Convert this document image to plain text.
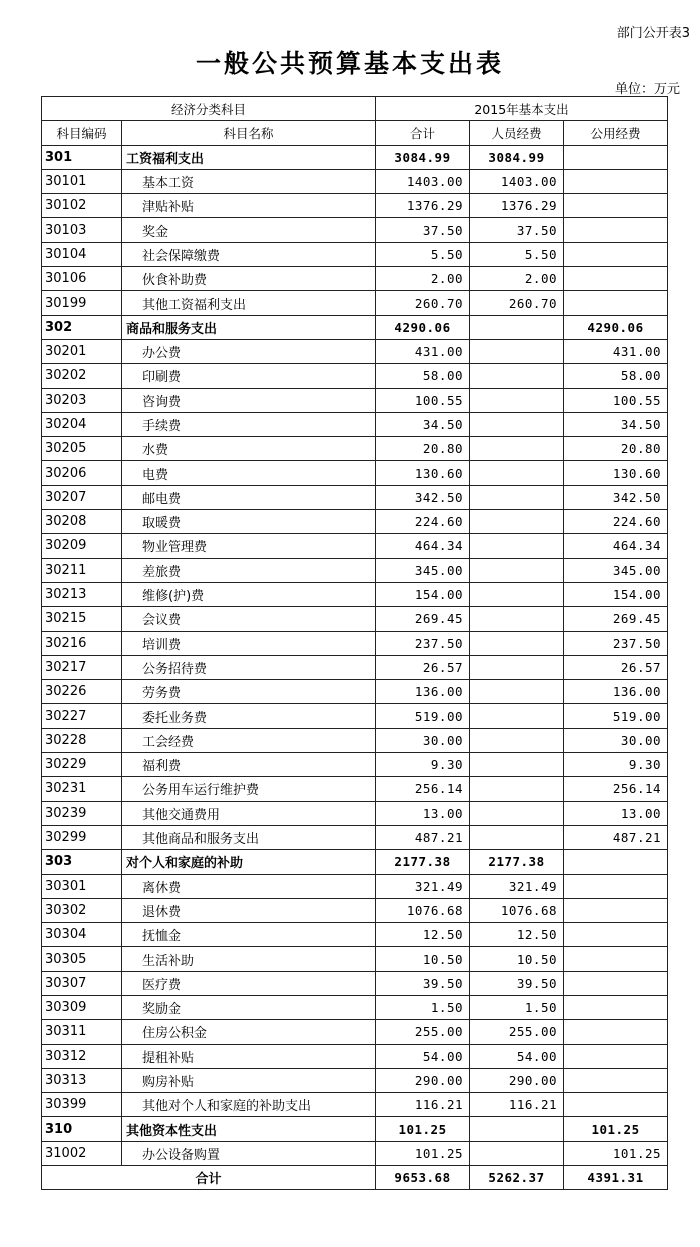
部门公开表3
一般公共预算基本支出表
单位：万元
经济分类科目		2015年基本支出		
科目编码	科目名称	合计	人员经费	公用经费
301	工资福利支出	3084.99	3084.99	
30101	基本工资	1403.00	1403.00	
30102	津贴补贴	1376.29	1376.29	
30103	奖金	37.50	37.50	
30104	社会保障缴费	5.50	5.50	
30106	伙食补助费	2.00	2.00	
30199	其他工资福利支出	260.70	260.70	
302	商品和服务支出	4290.06		4290.06
30201	办公费	431.00		431.00
30202	印刷费	58.00		58.00
30203	咨询费	100.55		100.55
30204	手续费	34.50		34.50
30205	水费	20.80		20.80
30206	电费	130.60		130.60
30207	邮电费	342.50		342.50
30208	取暖费	224.60		224.60
30209	物业管理费	464.34		464.34
30211	差旅费	345.00		345.00
30213	维修(护)费	154.00		154.00
30215	会议费	269.45		269.45
30216	培训费	237.50		237.50
30217	公务招待费	26.57		26.57
30226	劳务费	136.00		136.00
30227	委托业务费	519.00		519.00
30228	工会经费	30.00		30.00
30229	福利费	9.30		9.30
30231	公务用车运行维护费	256.14		256.14
30239	其他交通费用	13.00		13.00
30299	其他商品和服务支出	487.21		487.21
303	对个人和家庭的补助	2177.38	2177.38	
30301	离休费	321.49	321.49	
30302	退休费	1076.68	1076.68	
30304	抚恤金	12.50	12.50	
30305	生活补助	10.50	10.50	
30307	医疗费	39.50	39.50	
30309	奖励金	1.50	1.50	
30311	住房公积金	255.00	255.00	
30312	提租补贴	54.00	54.00	
30313	购房补贴	290.00	290.00	
30399	其他对个人和家庭的补助支出	116.21	116.21	
310	其他资本性支出	101.25		101.25
31002	办公设备购置	101.25		101.25
合计		9653.68	5262.37	4391.31
